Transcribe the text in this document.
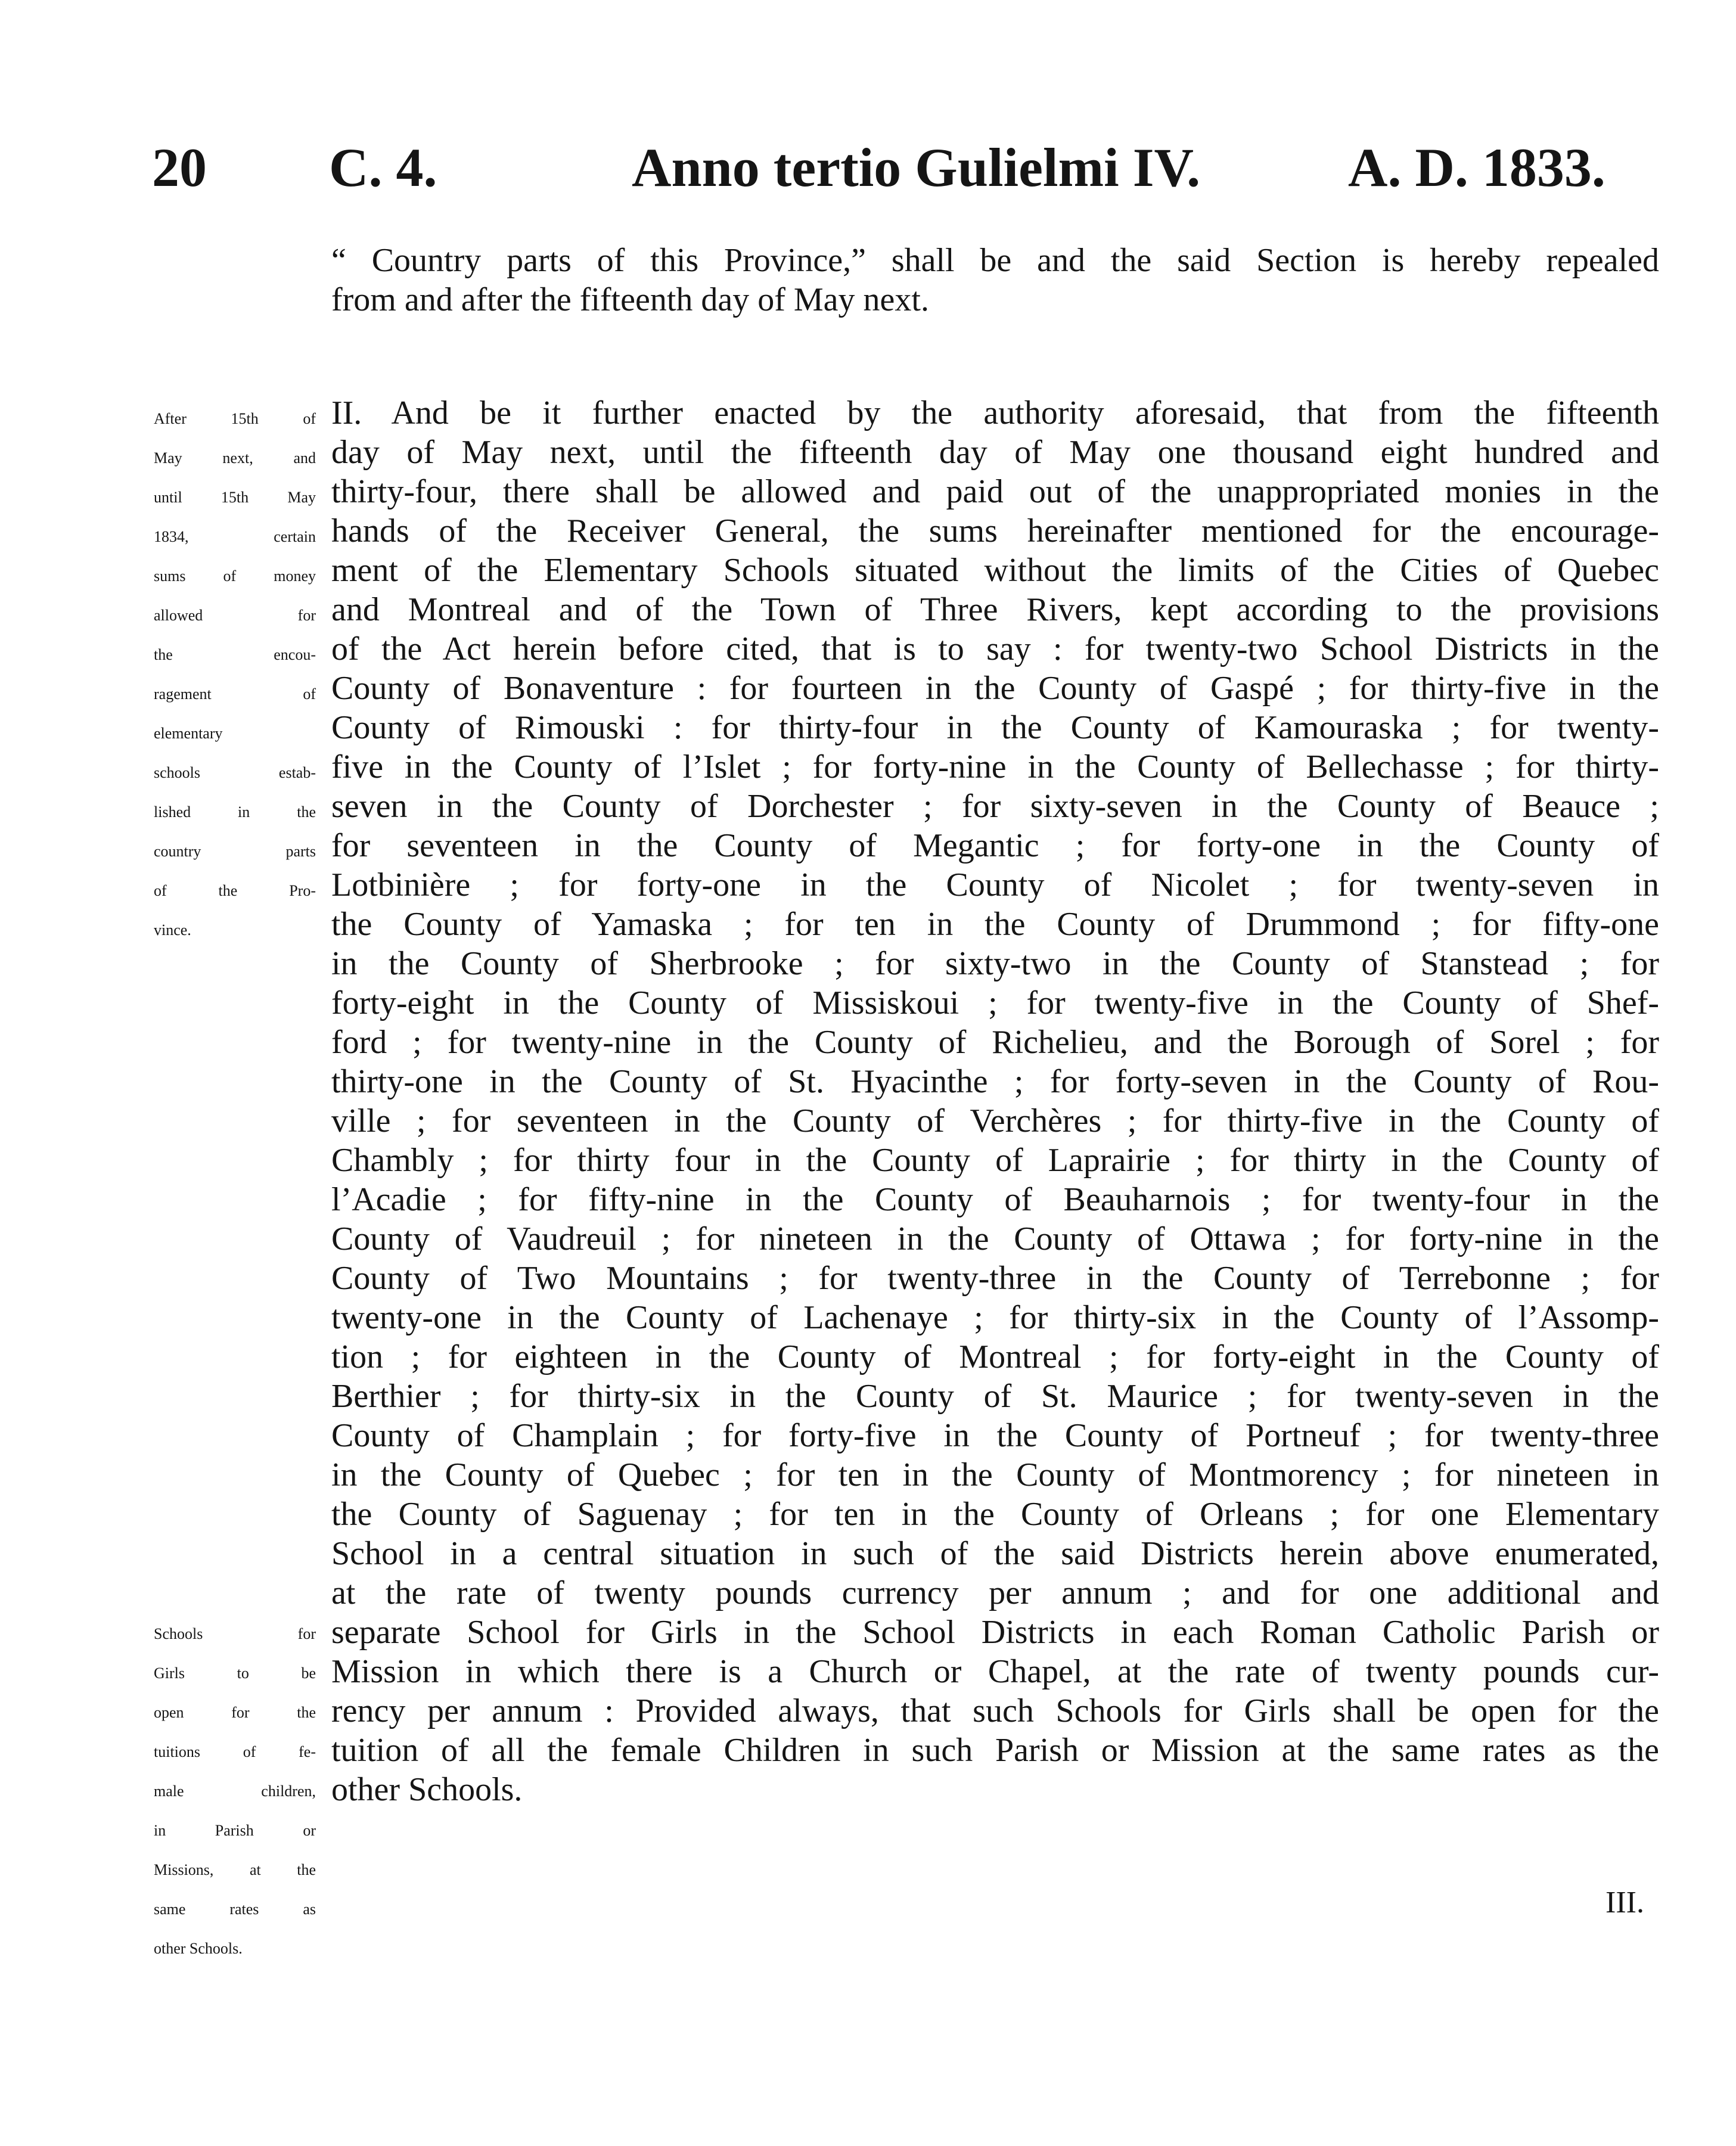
20 C. 4.	Anno tertio Gulielmi IV.	A. D. 1833.
“ Country parts of this Province,” shall be and the said Section is hereby repealed
from and after the fifteenth day of May next.
After 15th of
May next, and
until 15th May
1834, certain
sums of money
allowed for
the encou-
ragement of
elementary
schools estab-
lished in the
country parts
of the Pro-
vince.
II. And be it further enacted by the authority aforesaid, that from the fifteenth
day of May next, until the fifteenth day of May one thousand eight hundred and
thirty-four, there shall be allowed and paid out of the unappropriated monies in the
hands of the Receiver General, the sums hereinafter mentioned for the encourage-
ment of the Elementary Schools situated without the limits of the Cities of Quebec
and Montreal and of the Town of Three Rivers, kept according to the provisions
of the Act herein before cited, that is to say : for twenty-two School Districts in the
County of Bonaventure : for fourteen in the County of Gaspé ; for thirty-five in the
County of Rimouski : for thirty-four in the County of Kamouraska ; for twenty-
five in the County of l’Islet ; for forty-nine in the County of Bellechasse ; for thirty-
seven in the County of Dorchester ; for sixty-seven in the County of Beauce ;
for seventeen in the County of Megantic ; for forty-one in the County of
Lotbinière ; for forty-one in the County of Nicolet ; for twenty-seven in
the County of Yamaska ; for ten in the County of Drummond ; for fifty-one
in the County of Sherbrooke ; for sixty-two in the County of Stanstead ; for
forty-eight in the County of Missiskoui ; for twenty-five in the County of Shef-
ford ; for twenty-nine in the County of Richelieu, and the Borough of Sorel ; for
thirty-one in the County of St. Hyacinthe ; for forty-seven in the County of Rou-
ville ; for seventeen in the County of Verchères ; for thirty-five in the County of
Chambly ; for thirty four in the County of Laprairie ; for thirty in the County of
l’Acadie ; for fifty-nine in the County of Beauharnois ; for twenty-four in the
County of Vaudreuil ; for nineteen in the County of Ottawa ; for forty-nine in the
County of Two Mountains ; for twenty-three in the County of Terrebonne ; for
twenty-one in the County of Lachenaye ; for thirty-six in the County of l’Assomp-
tion ; for eighteen in the County of Montreal ; for forty-eight in the County of
Berthier ; for thirty-six in the County of St. Maurice ; for twenty-seven in the
County of Champlain ; for forty-five in the County of Portneuf ; for twenty-three
in the County of Quebec ; for ten in the County of Montmorency ; for nineteen in
the County of Saguenay ; for ten in the County of Orleans ; for one Elementary
School in a central situation in such of the said Districts herein above enumerated,
at the rate of twenty pounds currency per annum ; and for one additional and
separate School for Girls in the School Districts in each Roman Catholic Parish or
Mission in which there is a Church or Chapel, at the rate of twenty pounds cur-
rency per annum : Provided always, that such Schools for Girls shall be open for the
tuition of all the female Children in such Parish or Mission at the same rates as the
other Schools.
Schools for
Girls to be
open for the
tuitions of fe-
male children,
in Parish or
Missions, at the
same rates as
other Schools.
III.
